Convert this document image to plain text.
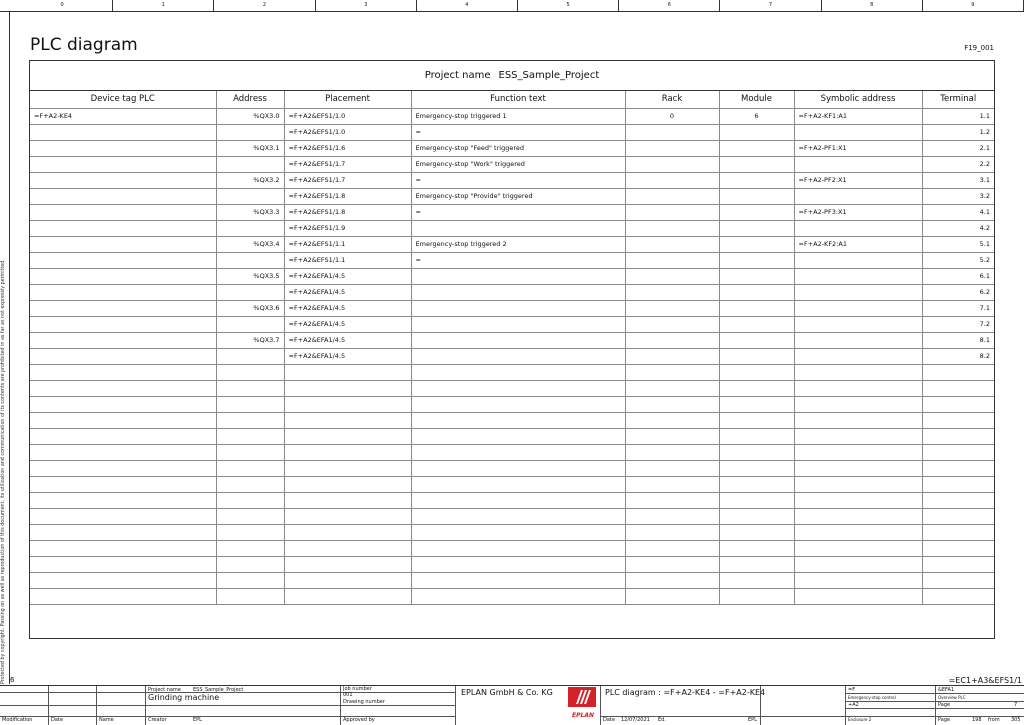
0	1	2	3	4	5	6	7	8	9
Protected by copyright. Passing on as well as reproduction of this document, its utilization and communication of its contents are prohibited in as far as not expressly permitted.
PLC diagram	F19_001
Project name ESS_Sample_Project
Device tag PLC	Address	Placement	Function text	Rack	Module	Symbolic address	Terminal
=F+A2-KE4	%QX3.0	=F+A2&EFS1/1.0	Emergency-stop triggered 1	0	6	=F+A2-KF1:A1	1.1
		=F+A2&EFS1/1.0	=				1.2
	%QX3.1	=F+A2&EFS1/1.6	Emergency-stop "Feed" triggered			=F+A2-PF1:X1	2.1
		=F+A2&EFS1/1.7	Emergency-stop "Work" triggered				2.2
	%QX3.2	=F+A2&EFS1/1.7	=			=F+A2-PF2:X1	3.1
		=F+A2&EFS1/1.8	Emergency-stop "Provide" triggered				3.2
	%QX3.3	=F+A2&EFS1/1.8	=			=F+A2-PF3:X1	4.1
		=F+A2&EFS1/1.9					4.2
	%QX3.4	=F+A2&EFS1/1.1	Emergency-stop triggered 2			=F+A2-KF2:A1	5.1
		=F+A2&EFS1/1.1	=				5.2
	%QX3.5	=F+A2&EFA1/4.5					6.1
		=F+A2&EFA1/4.5					6.2
	%QX3.6	=F+A2&EFA1/4.5					7.1
		=F+A2&EFA1/4.5					7.2
	%QX3.7	=F+A2&EFA1/4.5					8.1
		=F+A2&EFA1/4.5					8.2

6	=EC1+A3&EFS1/1
Modification	Date	Name
Project name ESS_Sample_Project
Grinding machine
Creator	EPL
Job number
001
Drawing number
Approved by
EPLAN GmbH & Co. KG
EPLAN
PLC diagram : =F+A2-KE4 - =F+A2-KE4
Date 12/07/2021 Ed.	EPL
=F
Emergency-stop control
+A2
Enclosure 2
&EFA1
Overview PLC
Page	7
Page	198 from 305
